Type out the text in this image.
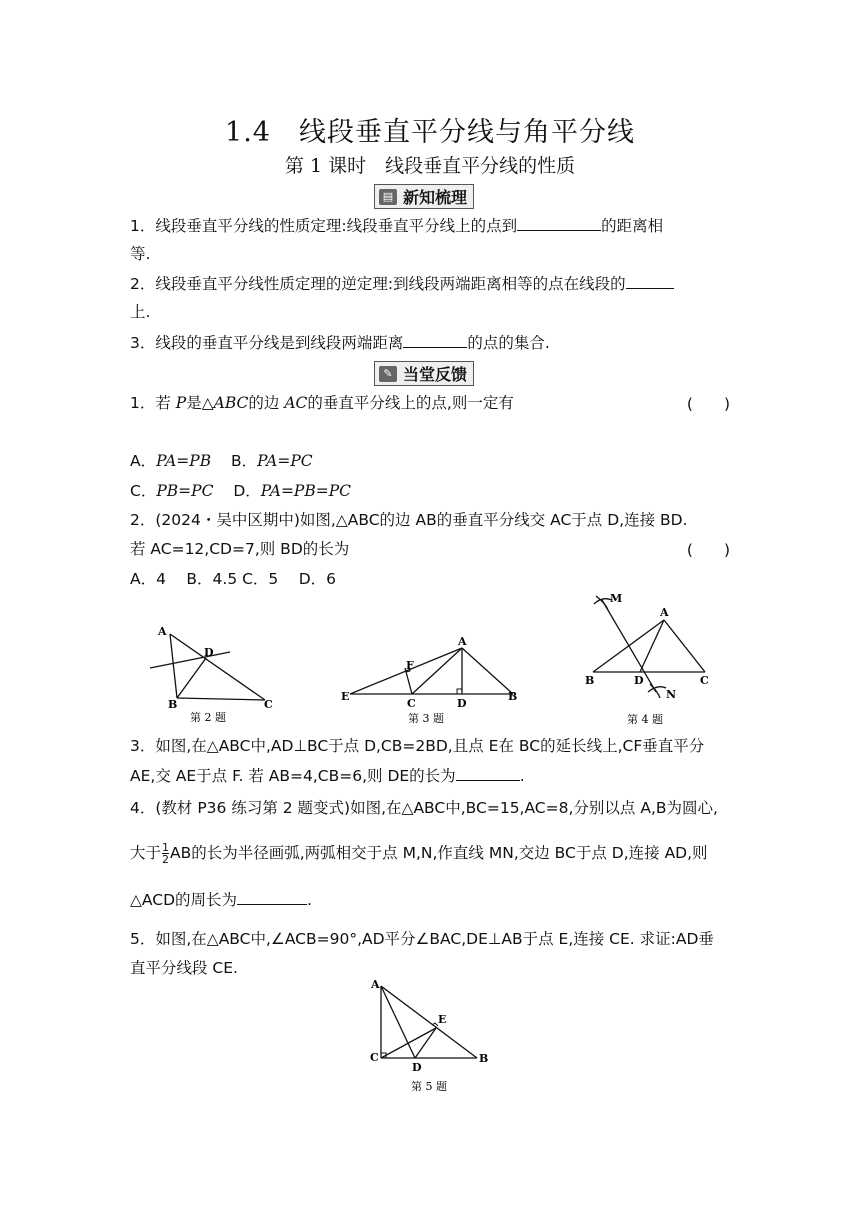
1.4　线段垂直平分线与角平分线
第 1 课时　线段垂直平分线的性质
▤ 新知梳理
1．线段垂直平分线的性质定理:线段垂直平分线上的点到	的距离相
等.
2．线段垂直平分线性质定理的逆定理:到线段两端距离相等的点在线段的
上.
3．线段的垂直平分线是到线段两端距离	的点的集合.
✎ 当堂反馈
1．若 P是△ABC的边 AC的垂直平分线上的点,则一定有	(　　)
A．PA=PB B．PA=PC
C．PB=PC D．PA=PB=PC
2．(2024・吴中区期中)如图,△ABC的边 AB的垂直平分线交 AC于点 D,连接 BD.
若 AC=12,CD=7,则 BD的长为	(　　)
A．4　 B．4.5 C．5　 D．6
A
D
B	C
第 2 题
F
A
E
C	D
B
第 3 题
M
A
B	D	C
N
第 4 题
3．如图,在△ABC中,AD⊥BC于点 D,CB=2BD,且点 E在 BC的延长线上,CF垂直平分
AE,交 AE于点 F. 若 AB=4,CB=6,则 DE的长为	.
4．(教材 P36 练习第 2 题变式)如图,在△ABC中,BC=15,AC=8,分别以点 A,B为圆心,
大于 $\frac{1}{2}$ AB的长为半径画弧,两弧相交于点 M,N,作直线 MN,交边 BC于点 D,连接 AD,则
△ACD的周长为	.
5．如图,在△ABC中,∠ACB=90°,AD平分∠BAC,DE⊥AB于点 E,连接 CE. 求证:AD垂
直平分线段 CE.
A
E
C
D
B
第 5 题
